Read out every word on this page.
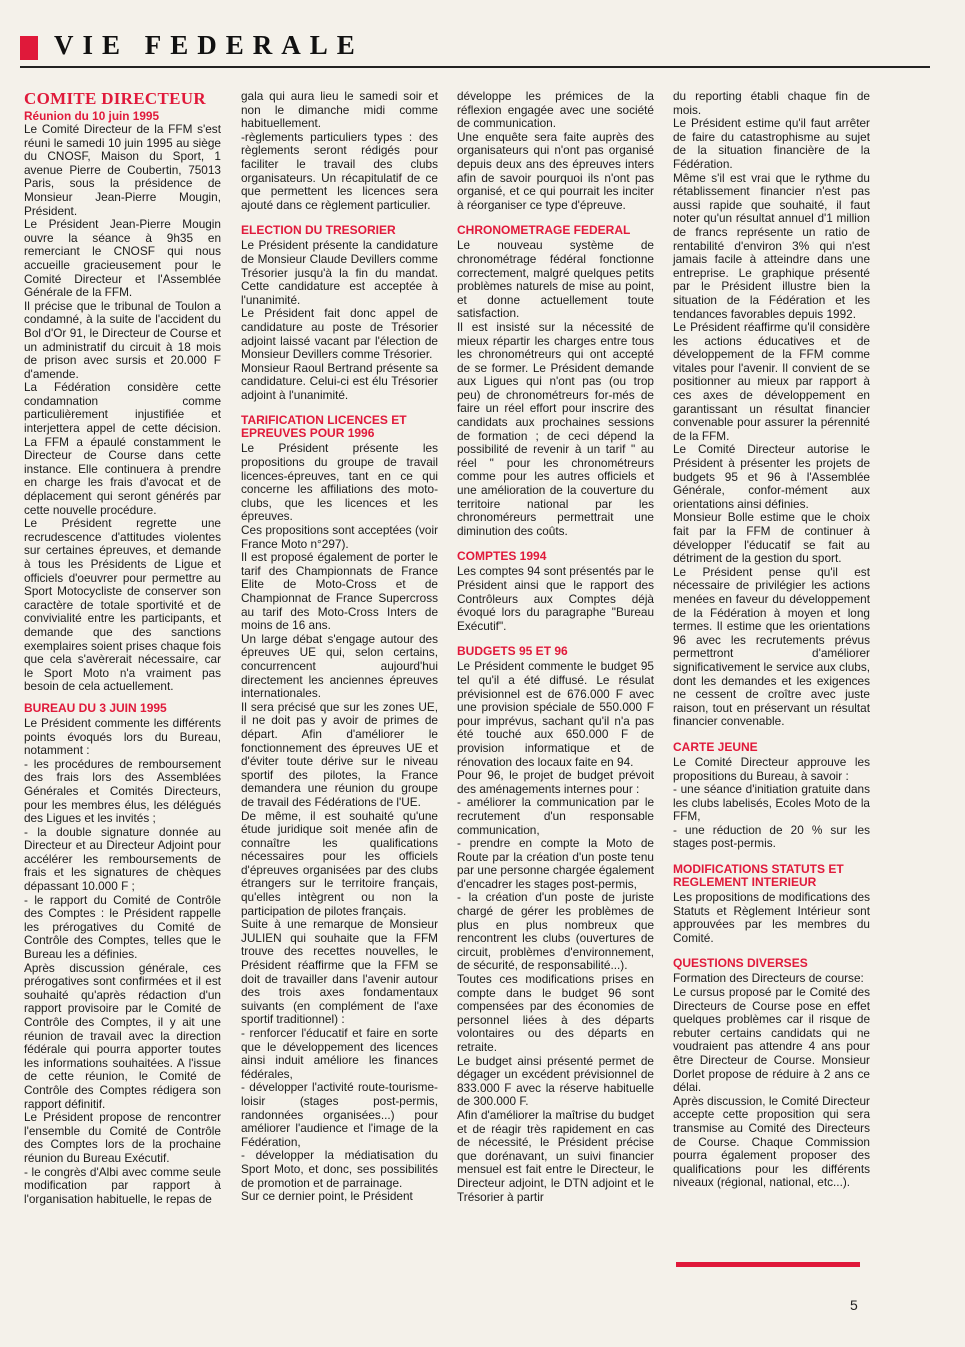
VIE FEDERALE
COMITE DIRECTEUR
Réunion du 10 juin 1995

Le Comité Directeur de la FFM s'est réuni le samedi 10 juin 1995 au siège du CNOSF, Maison du Sport, 1 avenue Pierre de Coubertin, 75013 Paris, sous la présidence de Monsieur Jean-Pierre Mougin, Président.

Le Président Jean-Pierre Mougin ouvre la séance à 9h35 en remerciant le CNOSF qui nous accueille gracieusement pour le Comité Directeur et l'Assemblée Générale de la FFM.

Il précise que le tribunal de Toulon a condamné, à la suite de l'accident du Bol d'Or 91, le Directeur de Course et un administratif du circuit à 18 mois de prison avec sursis et 20.000 F d'amende.

La Fédération considère cette condamnation comme particulièrement injustifiée et interjettera appel de cette décision. La FFM a épaulé constamment le Directeur de Course dans cette instance. Elle continuera à prendre en charge les frais d'avocat et de déplacement qui seront générés par cette nouvelle procédure.

Le Président regrette une recrudescence d'attitudes violentes sur certaines épreuves, et demande à tous les Présidents de Ligue et officiels d'oeuvrer pour permettre au Sport Motocycliste de conserver son caractère de totale sportivité et de convivialité entre les participants, et demande que des sanctions exemplaires soient prises chaque fois que cela s'avèrerait nécessaire, car le Sport Moto n'a vraiment pas besoin de cela actuellement.

BUREAU DU 3 JUIN 1995

Le Président commente les différents points évoqués lors du Bureau, notamment :

- les procédures de remboursement des frais lors des Assemblées Générales et Comités Directeurs, pour les membres élus, les délégués des Ligues et les invités ;

- la double signature donnée au Directeur et au Directeur Adjoint pour accélérer les remboursements de frais et les signatures de chèques dépassant 10.000 F ;

- le rapport du Comité de Contrôle des Comptes : le Président rappelle les prérogatives du Comité de Contrôle des Comptes, telles que le Bureau les a définies.

Après discussion générale, ces prérogatives sont confirmées et il est souhaité qu'après rédaction d'un rapport provisoire par le Comité de Contrôle des Comptes, il y ait une réunion de travail avec la direction fédérale qui pourra apporter toutes les informations souhaitées. A l'issue de cette réunion, le Comité de Contrôle des Comptes rédigera son rapport définitif.

Le Président propose de rencontrer l'ensemble du Comité de Contrôle des Comptes lors de la prochaine réunion du Bureau Exécutif.

- le congrès d'Albi avec comme seule modification par rapport à l'organisation habituelle, le repas de

gala qui aura lieu le samedi soir et non le dimanche midi comme habituellement.

-règlements particuliers types : des règlements seront rédigés pour faciliter le travail des clubs organisateurs. Un récapitulatif de ce que permettent les licences sera ajouté dans ce règlement particulier.

ELECTION DU TRESORIER

Le Président présente la candidature de Monsieur Claude Devillers comme Trésorier jusqu'à la fin du mandat. Cette candidature est acceptée à l'unanimité.

Le Président fait donc appel de candidature au poste de Trésorier adjoint laissé vacant par l'élection de Monsieur Devillers comme Trésorier.

Monsieur Raoul Bertrand présente sa candidature. Celui-ci est élu Trésorier adjoint à l'unanimité.

TARIFICATION LICENCES ET EPREUVES POUR 1996

Le Président présente les propositions du groupe de travail licences-épreuves, tant en ce qui concerne les affiliations des moto-clubs, que les licences et les épreuves.

Ces propositions sont acceptées (voir France Moto n°297).

Il est proposé également de porter le tarif des Championnats de France Elite de Moto-Cross et de Championnat de France Supercross au tarif des Moto-Cross Inters de moins de 16 ans.

Un large débat s'engage autour des épreuves UE qui, selon certains, concurrencent aujourd'hui directement les anciennes épreuves internationales.

Il sera précisé que sur les zones UE, il ne doit pas y avoir de primes de départ. Afin d'améliorer le fonctionnement des épreuves UE et d'éviter toute dérive sur le niveau sportif des pilotes, la France demandera une réunion du groupe de travail des Fédérations de l'UE.

De même, il est souhaité qu'une étude juridique soit menée afin de connaître les qualifications nécessaires pour les officiels d'épreuves organisées par des clubs étrangers sur le territoire français, qu'elles intègrent ou non la participation de pilotes français.

Suite à une remarque de Monsieur JULIEN qui souhaite que la FFM trouve des recettes nouvelles, le Président réaffirme que la FFM se doit de travailler dans l'avenir autour des trois axes fondamentaux suivants (en complément de l'axe sportif traditionnel) :

- renforcer l'éducatif et faire en sorte que le développement des licences ainsi induit améliore les finances fédérales,

- développer l'activité route-tourisme-loisir (stages post-permis, randonnées organisées...) pour améliorer l'audience et l'image de la Fédération,

- développer la médiatisation du Sport Moto, et donc, ses possibilités de promotion et de parrainage.

Sur ce dernier point, le Président

développe les prémices de la réflexion engagée avec une société de communication.

Une enquête sera faite auprès des organisateurs qui n'ont pas organisé depuis deux ans des épreuves inters afin de savoir pourquoi ils n'ont pas organisé, et ce qui pourrait les inciter à réorganiser ce type d'épreuve.

CHRONOMETRAGE FEDERAL

Le nouveau système de chronométrage fédéral fonctionne correctement, malgré quelques petits problèmes naturels de mise au point, et donne actuellement toute satisfaction.

Il est insisté sur la nécessité de mieux répartir les charges entre tous les chronométreurs qui ont accepté de se former. Le Président demande aux Ligues qui n'ont pas (ou trop peu) de chronométreurs for-més de faire un réel effort pour inscrire des candidats aux prochaines sessions de formation ; de ceci dépend la possibilité de revenir à un tarif " au réel " pour les chronométreurs comme pour les autres officiels et une amélioration de la couverture du territoire national par les chronoméreurs permettrait une diminution des coûts.

COMPTES 1994

Les comptes 94 sont présentés par le Président ainsi que le rapport des Contrôleurs aux Comptes déjà évoqué lors du paragraphe "Bureau Exécutif".

BUDGETS 95 ET 96

Le Président commente le budget 95 tel qu'il a été diffusé. Le résulat prévisionnel est de 676.000 F avec une provision spéciale de 550.000 F pour imprévus, sachant qu'il n'a pas été touché aux 650.000 F de provision informatique et de rénovation des locaux faite en 94.

Pour 96, le projet de budget prévoit des aménagements internes pour :

- améliorer la communication par le recrutement d'un responsable communication,

- prendre en compte la Moto de Route par la création d'un poste tenu par une personne chargée également d'encadrer les stages post-permis,

- la création d'un poste de juriste chargé de gérer les problèmes de plus en plus nombreux que rencontrent les clubs (ouvertures de circuit, problèmes d'environnement, de sécurité, de responsabilité...).

Toutes ces modifications prises en compte dans le budget 96 sont compensées par des économies de personnel liées à des départs volontaires ou des départs en retraite.

Le budget ainsi présenté permet de dégager un excédent prévisionnel de 833.000 F avec la réserve habituelle de 300.000 F.

Afin d'améliorer la maîtrise du budget et de réagir très rapidement en cas de nécessité, le Président précise que dorénavant, un suivi financier mensuel est fait entre le Directeur, le Directeur adjoint, le DTN adjoint et le Trésorier à partir

du reporting établi chaque fin de mois.

Le Président estime qu'il faut arrêter de faire du catastrophisme au sujet de la situation financière de la Fédération.

Même s'il est vrai que le rythme du rétablissement financier n'est pas aussi rapide que souhaité, il faut noter qu'un résultat annuel d'1 million de francs représente un ratio de rentabilité d'environ 3% qui n'est jamais facile à atteindre dans une entreprise. Le graphique présenté par le Président illustre bien la situation de la Fédération et les tendances favorables depuis 1992.

Le Président réaffirme qu'il considère les actions éducatives et de développement de la FFM comme vitales pour l'avenir. Il convient de se positionner au mieux par rapport à ces axes de développement en garantissant un résultat financier convenable pour assurer la pérennité de la FFM.

Le Comité Directeur autorise le Président à présenter les projets de budgets 95 et 96 à l'Assemblée Générale, confor-mément aux orientations ainsi définies.

Monsieur Bolle estime que le choix fait par la FFM de continuer à développer l'éducatif se fait au détriment de la gestion du sport.

Le Président pense qu'il est nécessaire de privilégier les actions menées en faveur du développement de la Fédération à moyen et long termes. Il estime que les orientations 96 avec les recrutements prévus permettront d'améliorer significativement le service aux clubs, dont les demandes et les exigences ne cessent de croître avec juste raison, tout en préservant un résultat financier convenable.

CARTE JEUNE

Le Comité Directeur approuve les propositions du Bureau, à savoir :

- une séance d'initiation gratuite dans les clubs labelisés, Ecoles Moto de la FFM,

- une réduction de 20 % sur les stages post-permis.

MODIFICATIONS STATUTS ET REGLEMENT INTERIEUR

Les propositions de modifications des Statuts et Règlement Intérieur sont approuvées par les membres du Comité.

QUESTIONS DIVERSES

Formation des Directeurs de course:

Le cursus proposé par le Comité des Directeurs de Course pose en effet quelques problèmes car il risque de rebuter certains candidats qui ne voudraient pas attendre 4 ans pour être Directeur de Course. Monsieur Dorlet propose de réduire à 2 ans ce délai.

Après discussion, le Comité Directeur accepte cette proposition qui sera transmise au Comité des Directeurs de Course. Chaque Commission pourra également proposer des qualifications pour les différents niveaux (régional, national, etc...).

5
